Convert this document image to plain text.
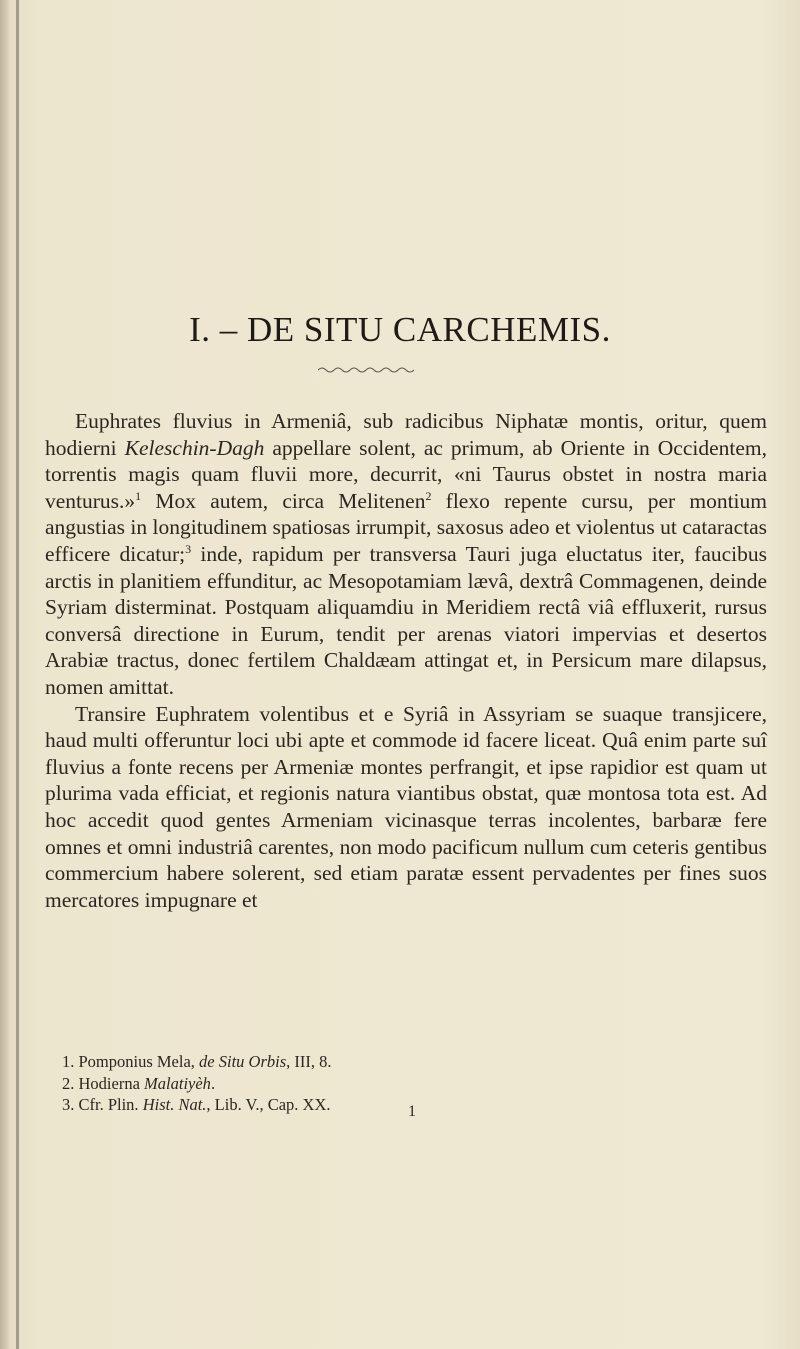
I. – DE SITU CARCHEMIS.

Euphrates fluvius in Armeniâ, sub radicibus Niphatæ montis, oritur, quem hodierni Keleschin-Dagh appellare solent, ac primum, ab Oriente in Occidentem, torrentis magis quam fluvii more, decurrit, «ni Taurus obstet in nostra maria venturus.»$^1$ Mox autem, circa Melitenen$^2$ flexo repente cursu, per montium angustias in longitudinem spatiosas irrumpit, saxosus adeo et violentus ut cataractas efficere dicatur;$^3$ inde, rapidum per transversa Tauri juga eluctatus iter, faucibus arctis in planitiem effunditur, ac Mesopotamiam lævâ, dextrâ Commagenen, deinde Syriam disterminat. Postquam aliquamdiu in Meridiem rectâ viâ effluxerit, rursus conversâ directione in Eurum, tendit per arenas viatori impervias et desertos Arabiæ tractus, donec fertilem Chaldæam attingat et, in Persicum mare dilapsus, nomen amittat.

Transire Euphratem volentibus et e Syriâ in Assyriam se suaque transjicere, haud multi offeruntur loci ubi apte et commode id facere liceat. Quâ enim parte suî fluvius a fonte recens per Armeniæ montes perfrangit, et ipse rapidior est quam ut plurima vada efficiat, et regionis natura viantibus obstat, quæ montosa tota est. Ad hoc accedit quod gentes Armeniam vicinasque terras incolentes, barbaræ fere omnes et omni industriâ carentes, non modo pacificum nullum cum ceteris gentibus commercium habere solerent, sed etiam paratæ essent pervadentes per fines suos mercatores impugnare et

1. Pomponius Mela, de Situ Orbis, III, 8.
2. Hodierna Malatiyèh.
3. Cfr. Plin. Hist. Nat., Lib. V., Cap. XX.	1
